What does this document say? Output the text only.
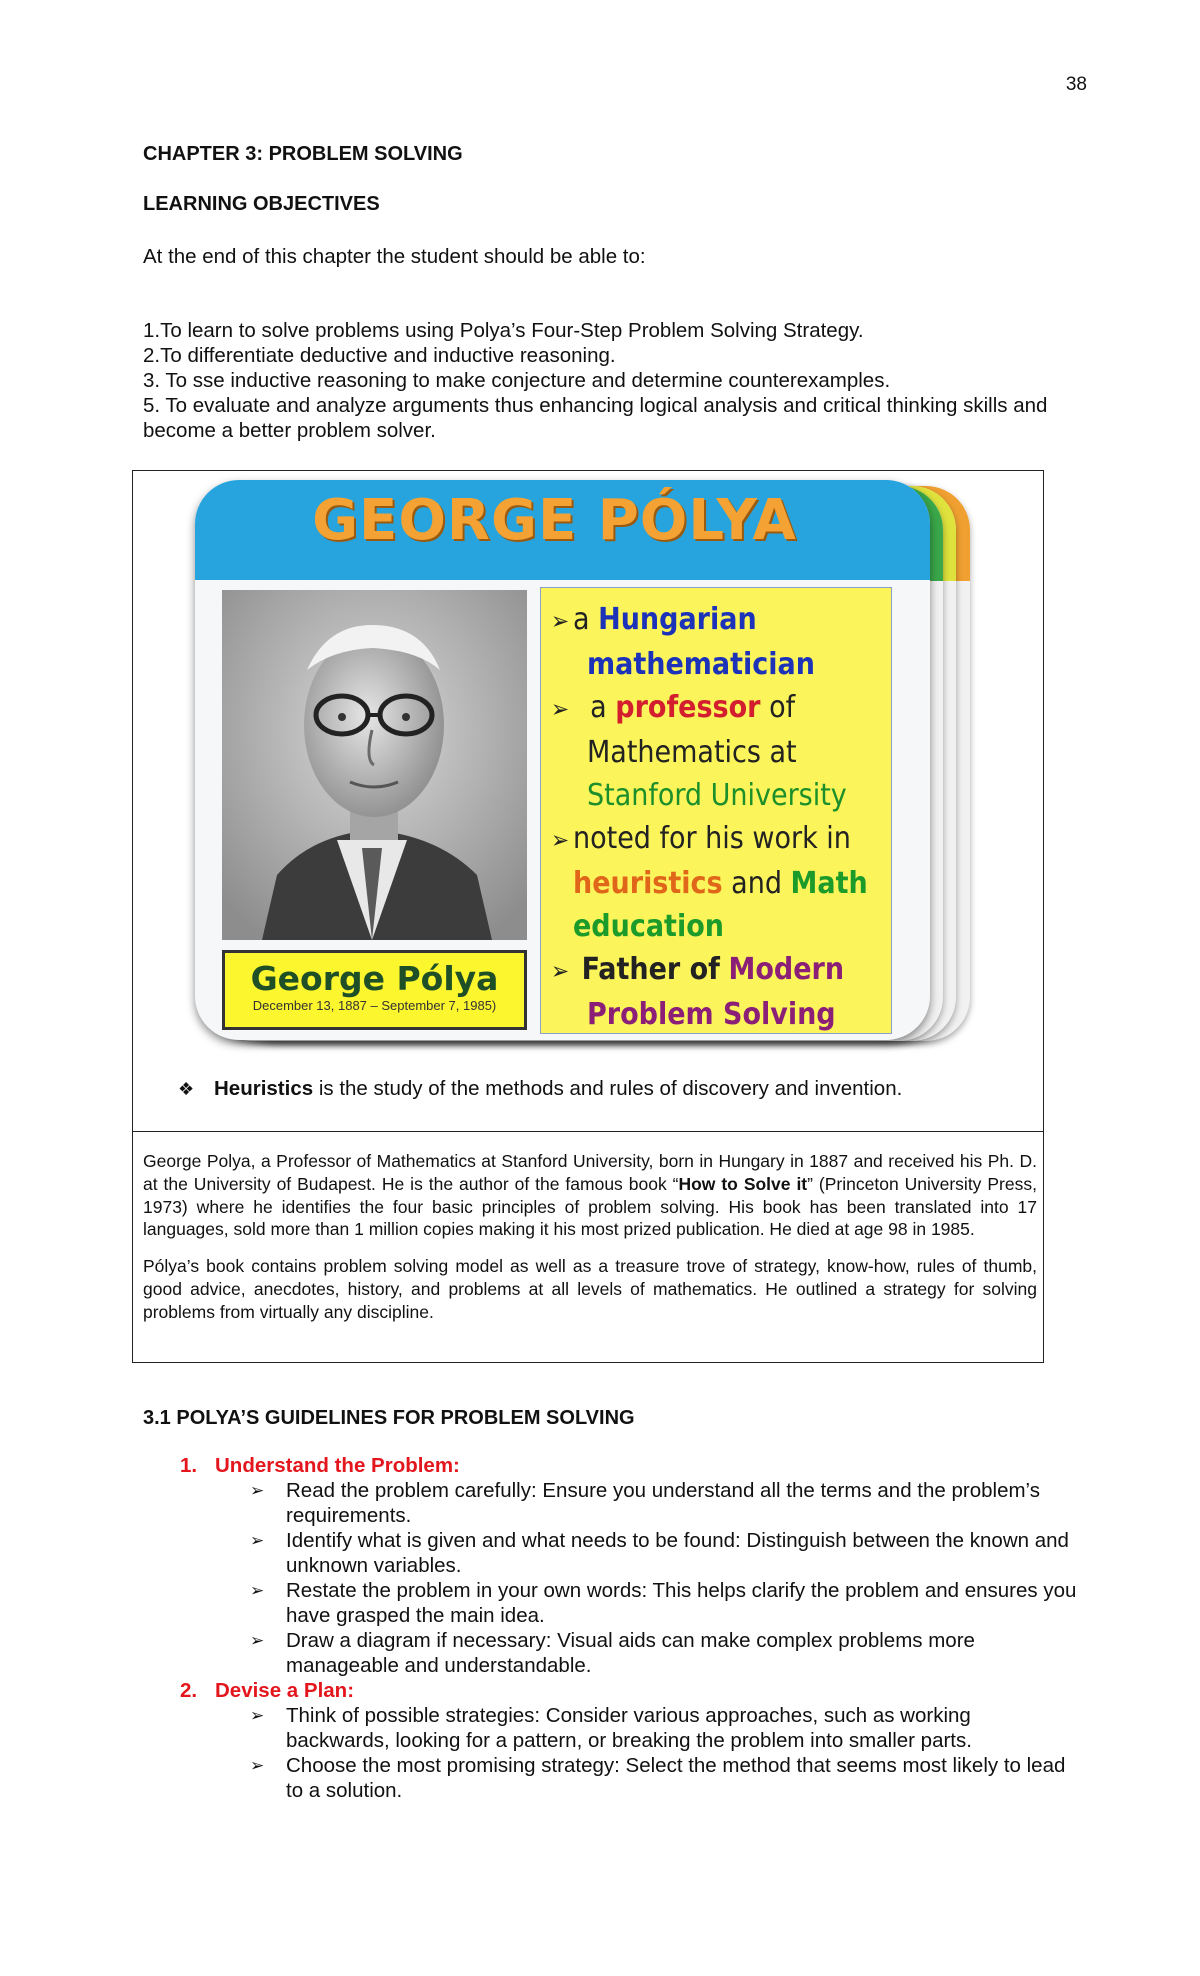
38
CHAPTER 3: PROBLEM SOLVING
LEARNING OBJECTIVES
At the end of this chapter the student should be able to:
1.To learn to solve problems using Polya’s Four-Step Problem Solving Strategy.
2.To differentiate deductive and inductive reasoning.
3. To sse inductive reasoning to make conjecture and determine counterexamples.
5. To evaluate and analyze arguments thus enhancing logical analysis and critical thinking skills and become a better problem solver.
GEORGE PÓLYA
George Pólya
December 13, 1887 – September 7, 1985)
➢ a Hungarian
mathematician
➢ a professor of
Mathematics at
Stanford University
➢ noted for his work in
heuristics and Math
education
➢ Father of Modern
Problem Solving
❖ Heuristics is the study of the methods and rules of discovery and invention.

George Polya, a Professor of Mathematics at Stanford University, born in Hungary in 1887 and received his Ph. D. at the University of Budapest. He is the author of the famous book “How to Solve it” (Princeton University Press, 1973) where he identifies the four basic principles of problem solving. His book has been translated into 17 languages, sold more than 1 million copies making it his most prized publication. He died at age 98 in 1985.

Pólya’s book contains problem solving model as well as a treasure trove of strategy, know-how, rules of thumb, good advice, anecdotes, history, and problems at all levels of mathematics. He outlined a strategy for solving problems from virtually any discipline.

3.1 POLYA’S GUIDELINES FOR PROBLEM SOLVING
1. Understand the Problem:
➢ Read the problem carefully: Ensure you understand all the terms and the problem’s requirements.
➢ Identify what is given and what needs to be found: Distinguish between the known and unknown variables.
➢ Restate the problem in your own words: This helps clarify the problem and ensures you have grasped the main idea.
➢ Draw a diagram if necessary: Visual aids can make complex problems more manageable and understandable.
2. Devise a Plan:
➢ Think of possible strategies: Consider various approaches, such as working backwards, looking for a pattern, or breaking the problem into smaller parts.
➢ Choose the most promising strategy: Select the method that seems most likely to lead to a solution.
